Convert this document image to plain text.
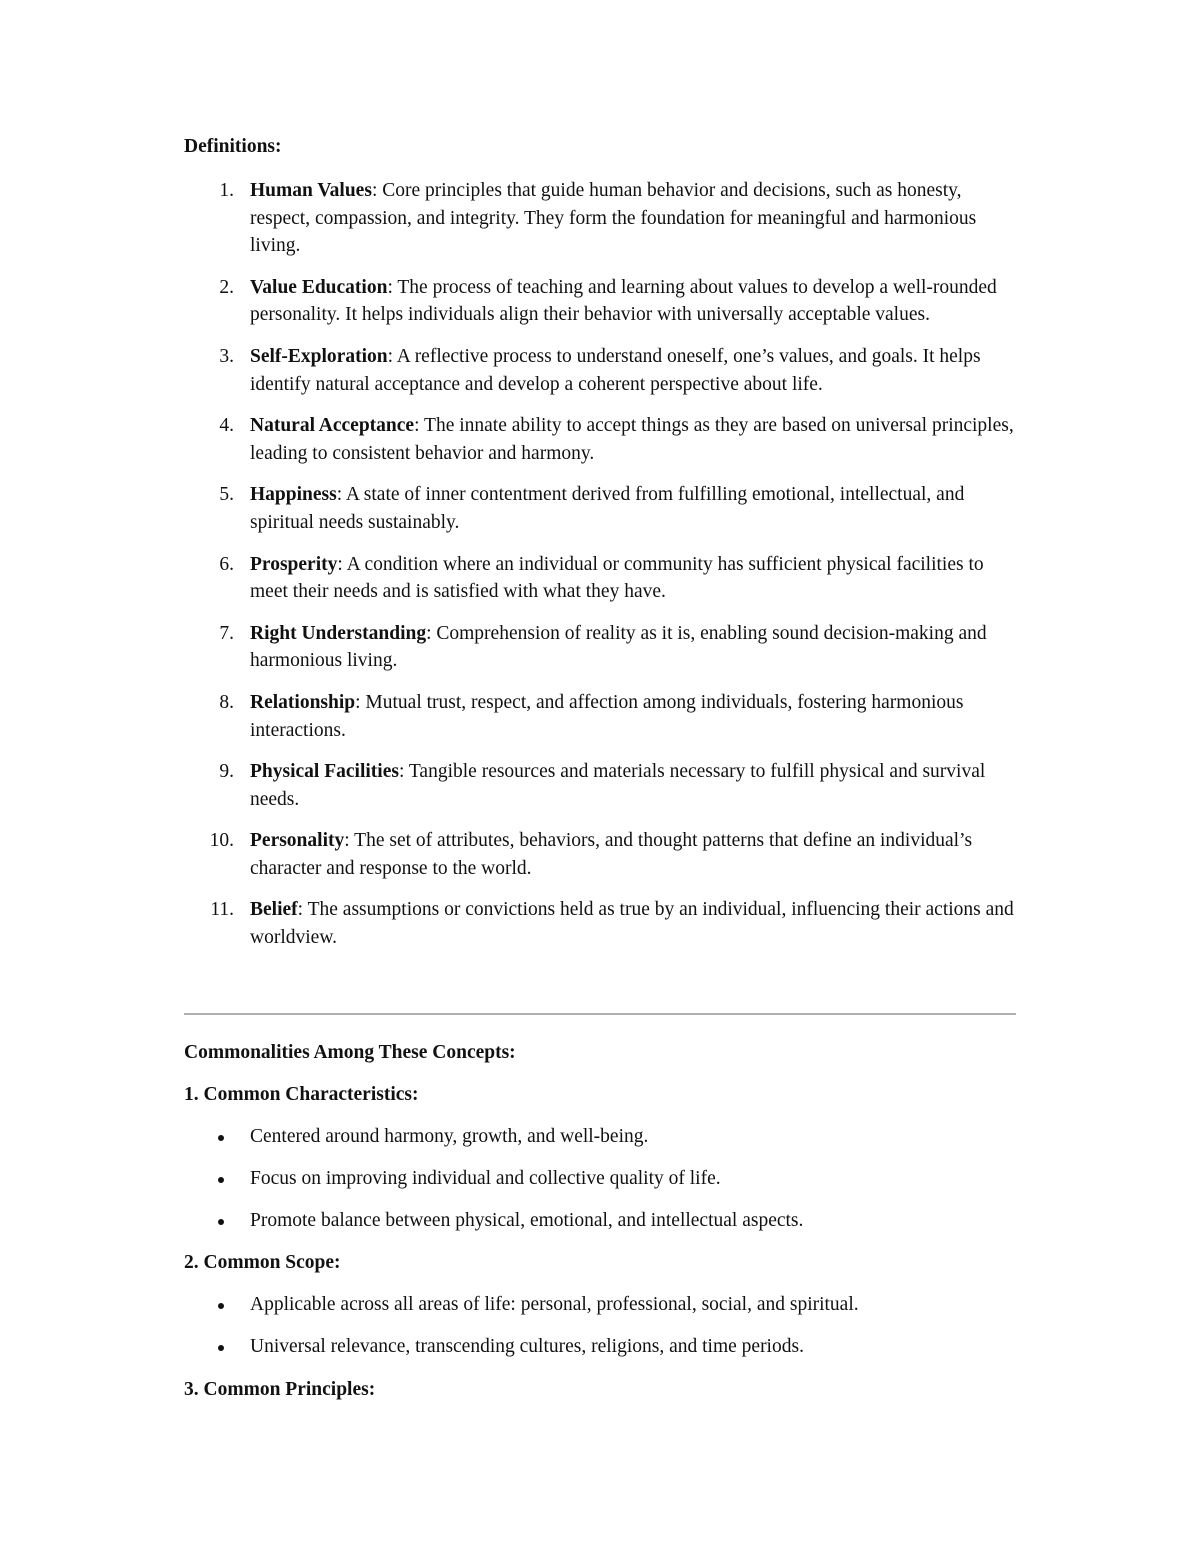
Definitions:

1. Human Values: Core principles that guide human behavior and decisions, such as honesty, respect, compassion, and integrity. They form the foundation for meaningful and harmonious living.
2. Value Education: The process of teaching and learning about values to develop a well-rounded personality. It helps individuals align their behavior with universally acceptable values.
3. Self-Exploration: A reflective process to understand oneself, one’s values, and goals. It helps identify natural acceptance and develop a coherent perspective about life.
4. Natural Acceptance: The innate ability to accept things as they are based on universal principles, leading to consistent behavior and harmony.
5. Happiness: A state of inner contentment derived from fulfilling emotional, intellectual, and spiritual needs sustainably.
6. Prosperity: A condition where an individual or community has sufficient physical facilities to meet their needs and is satisfied with what they have.
7. Right Understanding: Comprehension of reality as it is, enabling sound decision-making and harmonious living.
8. Relationship: Mutual trust, respect, and affection among individuals, fostering harmonious interactions.
9. Physical Facilities: Tangible resources and materials necessary to fulfill physical and survival needs.
10. Personality: The set of attributes, behaviors, and thought patterns that define an individual’s character and response to the world.
11. Belief: The assumptions or convictions held as true by an individual, influencing their actions and worldview.

Commonalities Among These Concepts:

1. Common Characteristics:

Centered around harmony, growth, and well-being.
Focus on improving individual and collective quality of life.
Promote balance between physical, emotional, and intellectual aspects.

2. Common Scope:

Applicable across all areas of life: personal, professional, social, and spiritual.
Universal relevance, transcending cultures, religions, and time periods.

3. Common Principles:
